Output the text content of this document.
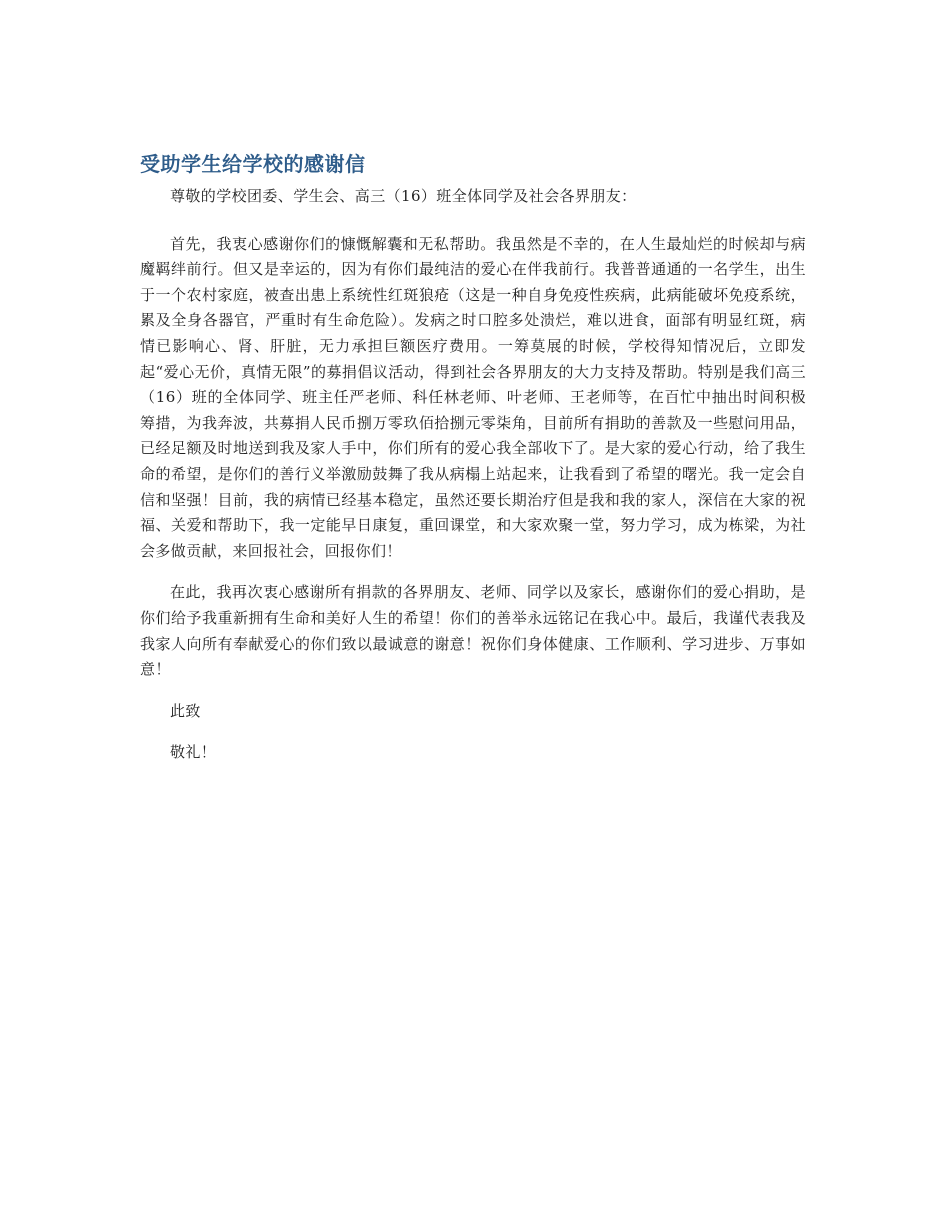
受助学生给学校的感谢信

尊敬的学校团委、学生会、高三（16）班全体同学及社会各界朋友：

首先，我衷心感谢你们的慷慨解囊和无私帮助。我虽然是不幸的，在人生最灿烂的时候却与病魔羁绊前行。但又是幸运的，因为有你们最纯洁的爱心在伴我前行。我普普通通的一名学生，出生于一个农村家庭，被查出患上系统性红斑狼疮（这是一种自身免疫性疾病，此病能破坏免疫系统，累及全身各器官，严重时有生命危险）。发病之时口腔多处溃烂，难以进食，面部有明显红斑，病情已影响心、肾、肝脏，无力承担巨额医疗费用。一筹莫展的时候，学校得知情况后，立即发起“爱心无价，真情无限”的募捐倡议活动，得到社会各界朋友的大力支持及帮助。特别是我们高三（16）班的全体同学、班主任严老师、科任林老师、叶老师、王老师等，在百忙中抽出时间积极筹措，为我奔波，共募捐人民币捌万零玖佰拾捌元零柒角，目前所有捐助的善款及一些慰问用品，已经足额及时地送到我及家人手中，你们所有的爱心我全部收下了。是大家的爱心行动，给了我生命的希望，是你们的善行义举激励鼓舞了我从病榻上站起来，让我看到了希望的曙光。我一定会自信和坚强！目前，我的病情已经基本稳定，虽然还要长期治疗但是我和我的家人，深信在大家的祝福、关爱和帮助下，我一定能早日康复，重回课堂，和大家欢聚一堂，努力学习，成为栋梁，为社会多做贡献，来回报社会，回报你们！

在此，我再次衷心感谢所有捐款的各界朋友、老师、同学以及家长，感谢你们的爱心捐助，是你们给予我重新拥有生命和美好人生的希望！你们的善举永远铭记在我心中。最后，我谨代表我及我家人向所有奉献爱心的你们致以最诚意的谢意！祝你们身体健康、工作顺利、学习进步、万事如意！

此致

敬礼！
